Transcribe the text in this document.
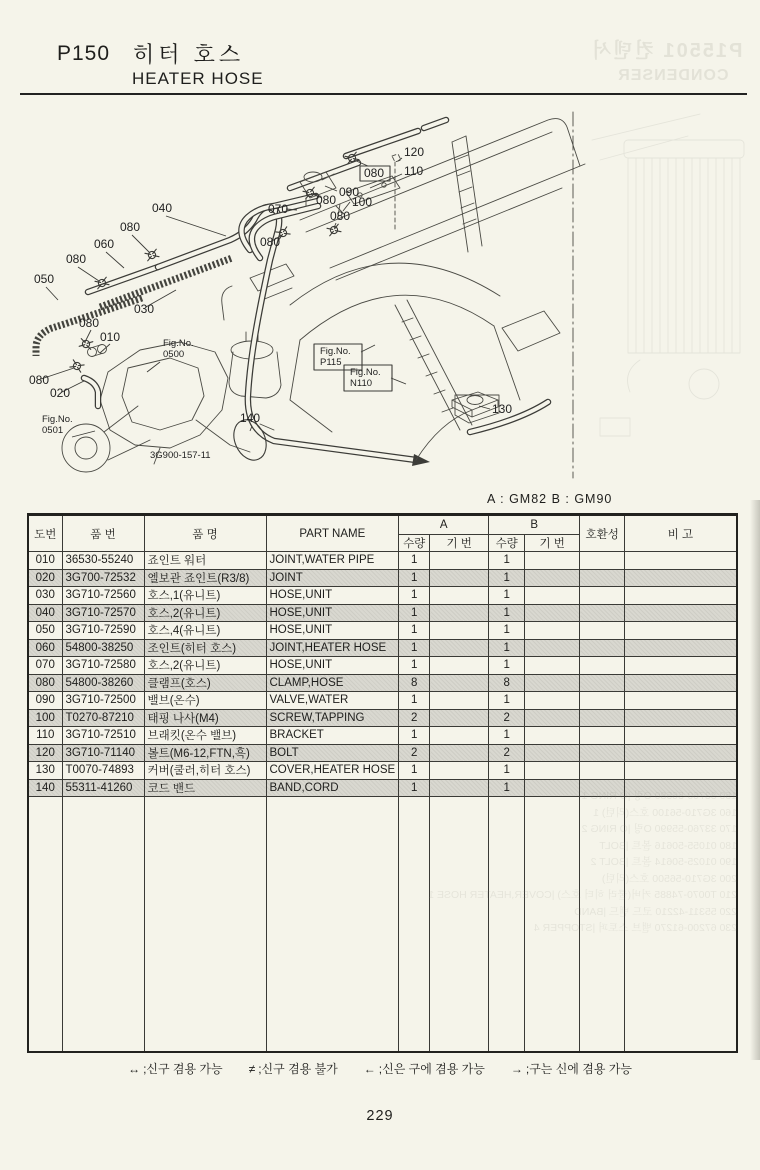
P15501 컨덴서
CONDENSER
P150 히터 호스
HEATER HOSE
3G900-157-11
040
080
060
080
050
030
080
010
080
020
070
080
090
100
080
080
080
140
130
120
110
Fig.No.
0500
Fig.No.
0501
Fig.No.
P115
Fig.No.
N110
A : GM82 B : GM90
도번	품 번	품 명	PART NAME	A		B		호환성	비 고
				수량	기 번	수량	기 번		
010	36530-55240	죠인트 워터	JOINT,WATER PIPE	1		1			
020	3G700-72532	엘보관 죠인트(R3/8)	JOINT	1		1			
030	3G710-72560	호스,1(유니트)	HOSE,UNIT	1		1			
040	3G710-72570	호스,2(유니트)	HOSE,UNIT	1		1			
050	3G710-72590	호스,4(유니트)	HOSE,UNIT	1		1			
060	54800-38250	조인트(히터 호스)	JOINT,HEATER HOSE	1		1			
070	3G710-72580	호스,2(유니트)	HOSE,UNIT	1		1			
080	54800-38260	클램프(호스)	CLAMP,HOSE	8		8			
090	3G710-72500	밸브(온수)	VALVE,WATER	1		1			
100	T0270-87210	태핑 나사(M4)	SCREW,TAPPING	2		2			
110	3G710-72510	브래킷(온수 밸브)	BRACKET	1		1			
120	3G710-71140	볼트(M6-12,FTN,흑)	BOLT	2		2			
130	T0070-74893	커버(쿨러,히터 호스)	COVER,HEATER HOSE	1		1			
140	55311-41260	코드 밴드	BAND,CORD	1		1			

150 33760-56580 O링 |O RING 1
160 3G710-56100 호스(리턴) 1
170 33760-55990 O링 |O RING 2
180 01055-50616 볼트 |BOLT
190 01025-50614 볼트 |BOLT 2
200 3G710-56500 호스(리턴)
210 T0070-74885 커버(쿨러 히터 호스) |COVER,HEATER HOSE 1
220 55311-42210 코드 밴드 |BAND
230 67200-61270 밸브 스토퍼 |STOPPER 4
↔ ;신구 겸용 가능 ≠ ;신구 겸용 불가 ← ;신은 구에 겸용 가능 → ;구는 신에 겸용 가능
229
